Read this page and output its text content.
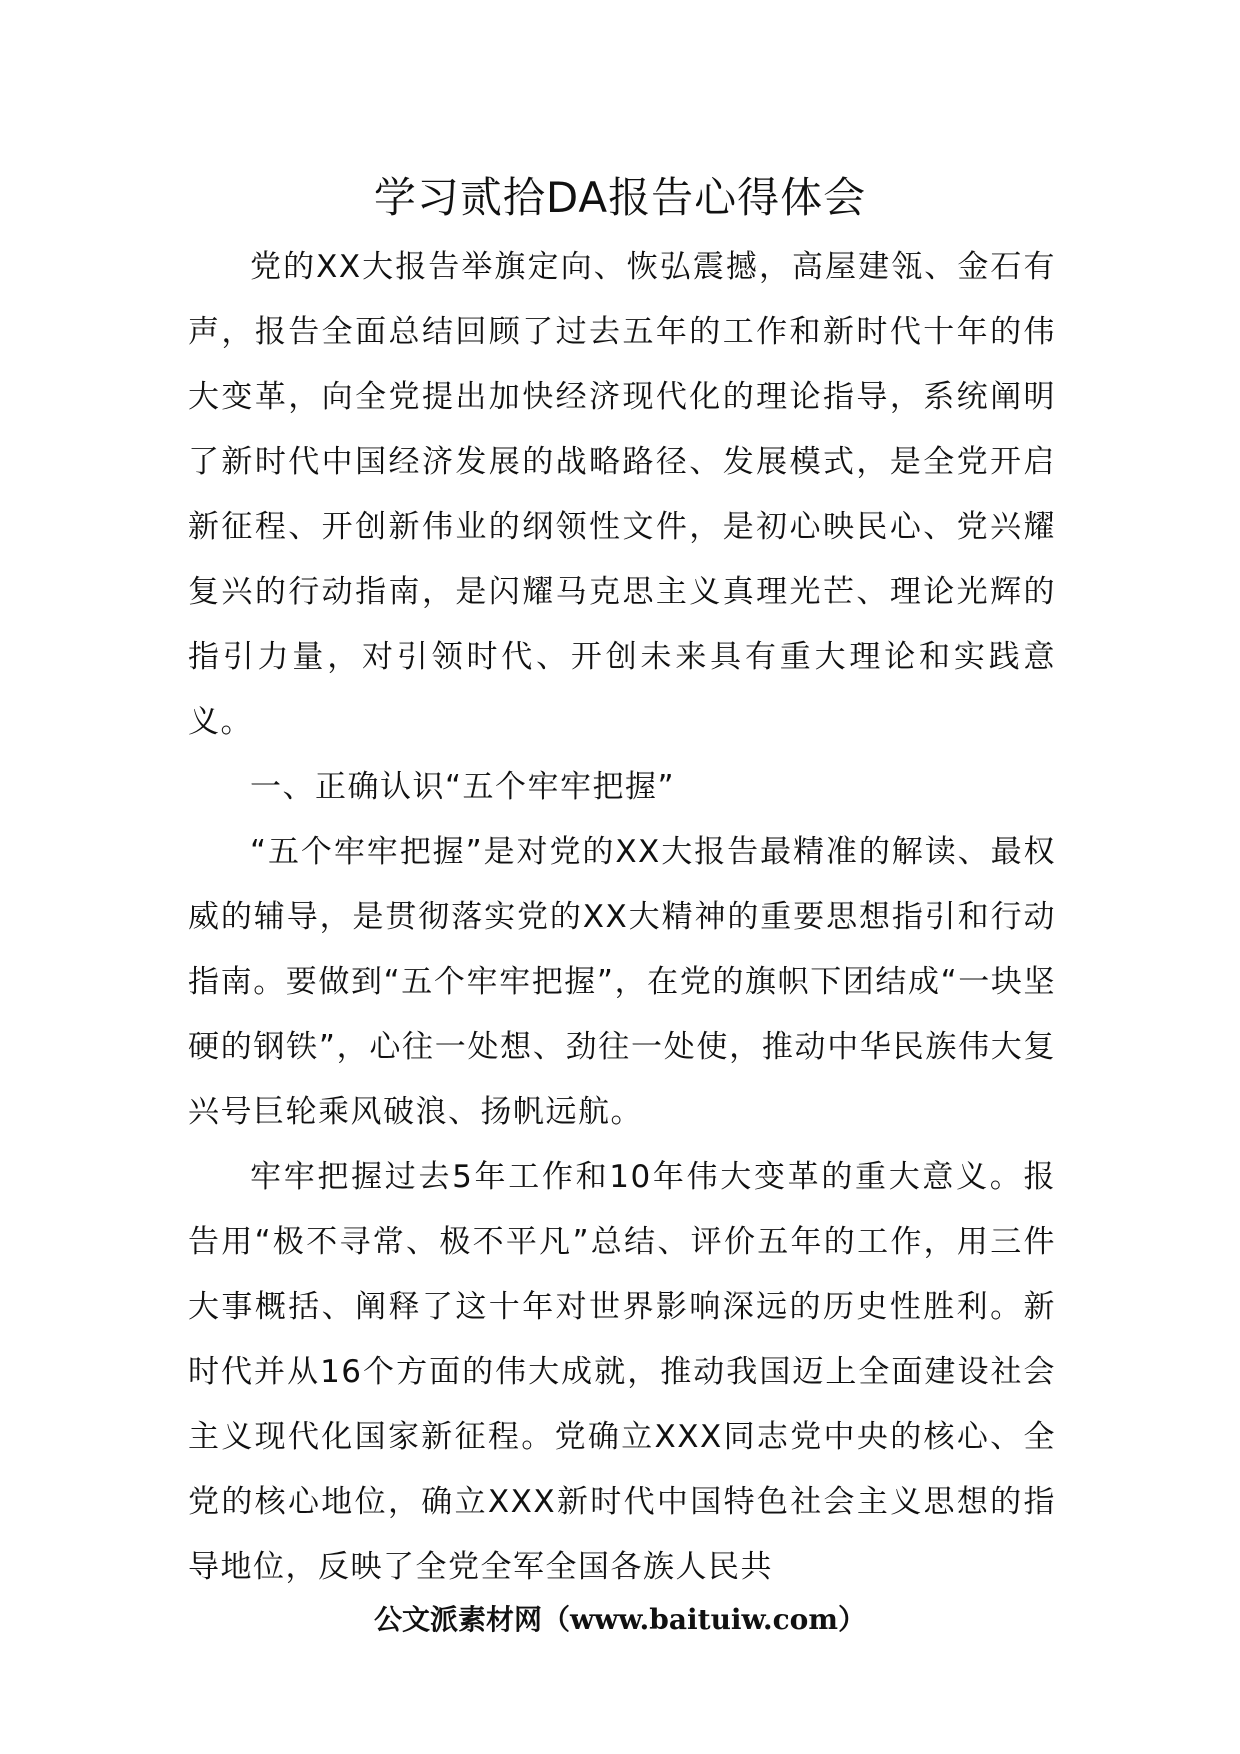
学习贰拾DA报告心得体会

党的XX大报告举旗定向、恢弘震撼，高屋建瓴、金石有声，报告全面总结回顾了过去五年的工作和新时代十年的伟大变革，向全党提出加快经济现代化的理论指导，系统阐明了新时代中国经济发展的战略路径、发展模式，是全党开启新征程、开创新伟业的纲领性文件，是初心映民心、党兴耀复兴的行动指南，是闪耀马克思主义真理光芒、理论光辉的指引力量，对引领时代、开创未来具有重大理论和实践意义。

一、正确认识“五个牢牢把握”

“五个牢牢把握”是对党的XX大报告最精准的解读、最权威的辅导，是贯彻落实党的XX大精神的重要思想指引和行动指南。要做到“五个牢牢把握”，在党的旗帜下团结成“一块坚硬的钢铁”，心往一处想、劲往一处使，推动中华民族伟大复兴号巨轮乘风破浪、扬帆远航。

牢牢把握过去5年工作和10年伟大变革的重大意义。报告用“极不寻常、极不平凡”总结、评价五年的工作，用三件大事概括、阐释了这十年对世界影响深远的历史性胜利。新时代并从16个方面的伟大成就，推动我国迈上全面建设社会主义现代化国家新征程。党确立XXX同志党中央的核心、全党的核心地位，确立XXX新时代中国特色社会主义思想的指导地位，反映了全党全军全国各族人民共

公文派素材网（www.baituiw.com）
